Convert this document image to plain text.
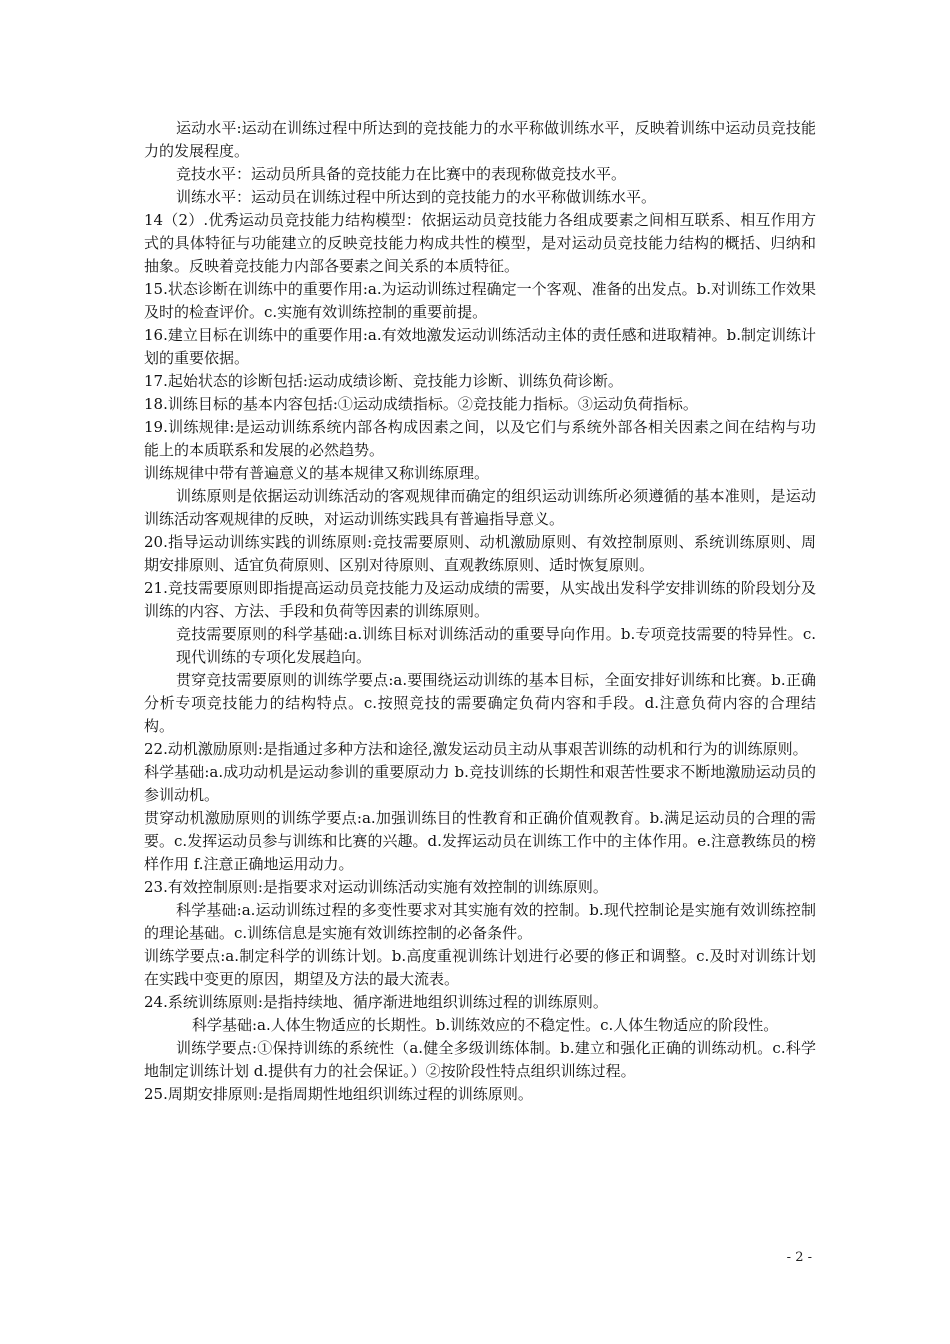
运动水平:运动在训练过程中所达到的竞技能力的水平称做训练水平，反映着训练中运动员竞技能力的发展程度。

竞技水平：运动员所具备的竞技能力在比赛中的表现称做竞技水平。

训练水平：运动员在训练过程中所达到的竞技能力的水平称做训练水平。

14（2）.优秀运动员竞技能力结构模型：依据运动员竞技能力各组成要素之间相互联系、相互作用方式的具体特征与功能建立的反映竞技能力构成共性的模型，是对运动员竞技能力结构的概括、归纳和抽象。反映着竞技能力内部各要素之间关系的本质特征。

15.状态诊断在训练中的重要作用:a.为运动训练过程确定一个客观、准备的出发点。b.对训练工作效果及时的检查评价。c.实施有效训练控制的重要前提。

16.建立目标在训练中的重要作用:a.有效地激发运动训练活动主体的责任感和进取精神。b.制定训练计划的重要依据。

17.起始状态的诊断包括:运动成绩诊断、竞技能力诊断、训练负荷诊断。

18.训练目标的基本内容包括:①运动成绩指标。②竞技能力指标。③运动负荷指标。

19.训练规律:是运动训练系统内部各构成因素之间，以及它们与系统外部各相关因素之间在结构与功能上的本质联系和发展的必然趋势。

训练规律中带有普遍意义的基本规律又称训练原理。

训练原则是依据运动训练活动的客观规律而确定的组织运动训练所必须遵循的基本准则，是运动训练活动客观规律的反映，对运动训练实践具有普遍指导意义。

20.指导运动训练实践的训练原则:竞技需要原则、动机激励原则、有效控制原则、系统训练原则、周期安排原则、适宜负荷原则、区别对待原则、直观教练原则、适时恢复原则。

21.竞技需要原则即指提高运动员竞技能力及运动成绩的需要，从实战出发科学安排训练的阶段划分及训练的内容、方法、手段和负荷等因素的训练原则。

竞技需要原则的科学基础:a.训练目标对训练活动的重要导向作用。b.专项竞技需要的特异性。c.现代训练的专项化发展趋向。

贯穿竞技需要原则的训练学要点:a.要围绕运动训练的基本目标，全面安排好训练和比赛。b.正确分析专项竞技能力的结构特点。c.按照竞技的需要确定负荷内容和手段。d.注意负荷内容的合理结构。

22.动机激励原则:是指通过多种方法和途径,激发运动员主动从事艰苦训练的动机和行为的训练原则。

科学基础:a.成功动机是运动参训的重要原动力 b.竞技训练的长期性和艰苦性要求不断地激励运动员的参训动机。

贯穿动机激励原则的训练学要点:a.加强训练目的性教育和正确价值观教育。b.满足运动员的合理的需要。c.发挥运动员参与训练和比赛的兴趣。d.发挥运动员在训练工作中的主体作用。e.注意教练员的榜样作用 f.注意正确地运用动力。

23.有效控制原则:是指要求对运动训练活动实施有效控制的训练原则。

科学基础:a.运动训练过程的多变性要求对其实施有效的控制。b.现代控制论是实施有效训练控制的理论基础。c.训练信息是实施有效训练控制的必备条件。

训练学要点:a.制定科学的训练计划。b.高度重视训练计划进行必要的修正和调整。c.及时对训练计划在实践中变更的原因，期望及方法的最大流表。

24.系统训练原则:是指持续地、循序渐进地组织训练过程的训练原则。

科学基础:a.人体生物适应的长期性。b.训练效应的不稳定性。c.人体生物适应的阶段性。

训练学要点:①保持训练的系统性（a.健全多级训练体制。b.建立和强化正确的训练动机。c.科学地制定训练计划 d.提供有力的社会保证。）②按阶段性特点组织训练过程。

25.周期安排原则:是指周期性地组织训练过程的训练原则。

- 2 -
